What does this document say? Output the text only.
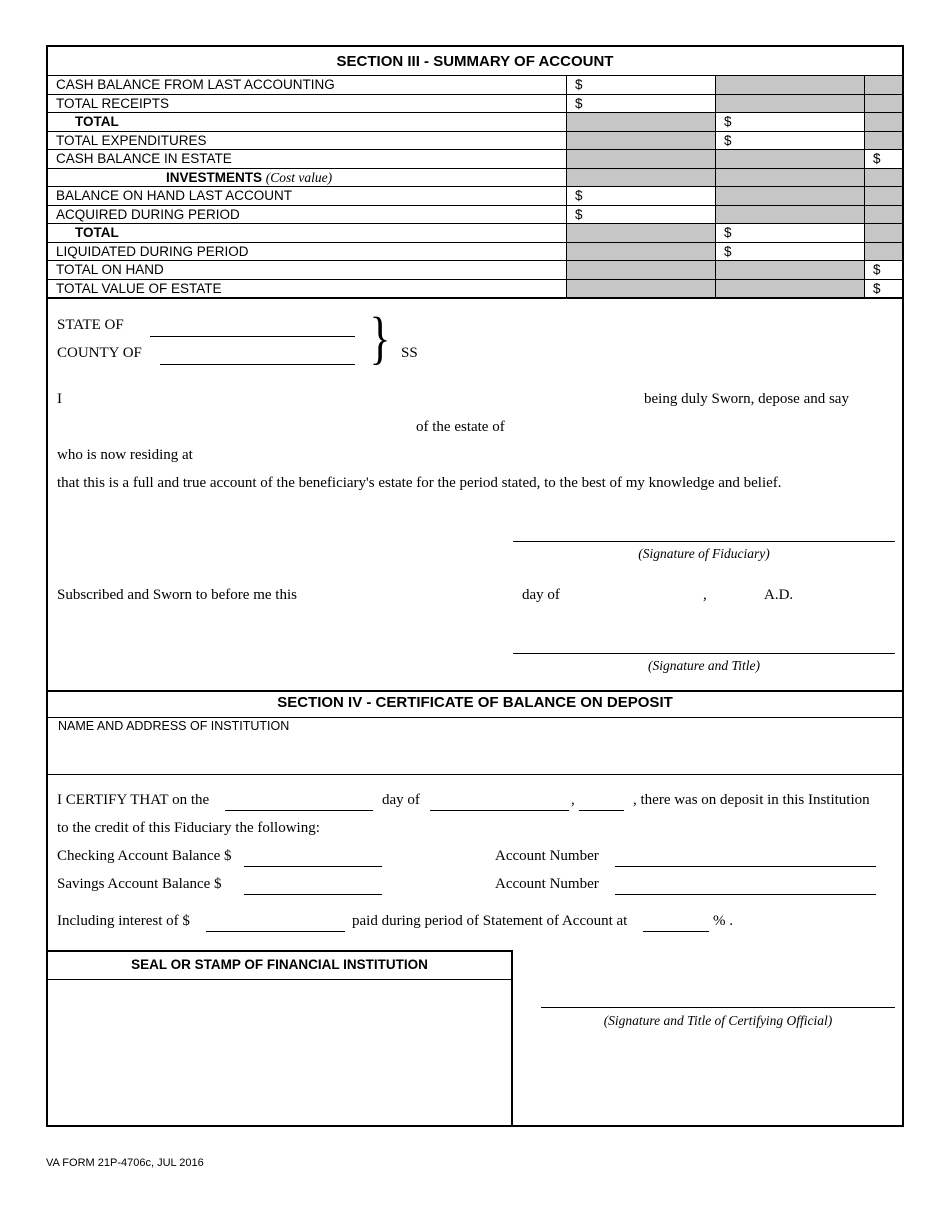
SECTION III - SUMMARY OF ACCOUNT			
CASH BALANCE FROM LAST ACCOUNTING	$		
TOTAL RECEIPTS	$		
TOTAL		$	
TOTAL EXPENDITURES		$	
CASH BALANCE IN ESTATE			$
INVESTMENTS (Cost value)			
BALANCE ON HAND LAST ACCOUNT	$		
ACQUIRED DURING PERIOD	$		
TOTAL		$	
LIQUIDATED DURING PERIOD		$	
TOTAL ON HAND			$
TOTAL VALUE OF ESTATE			$
STATE OF
COUNTY OF	} SS
I	being duly Sworn, depose and say
of the estate of
who is now residing at
that this is a full and true account of the beneficiary's estate for the period stated, to the best of my knowledge and belief.
(Signature of Fiduciary)
Subscribed and Sworn to before me this	day of	,	A.D.
(Signature and Title)
SECTION IV - CERTIFICATE OF BALANCE ON DEPOSIT
NAME AND ADDRESS OF INSTITUTION
I CERTIFY THAT on the	day of	,	, there was on deposit in this Institution
to the credit of this Fiduciary the following:
Checking Account Balance $	Account Number
Savings Account Balance $	Account Number
Including interest of $	paid during period of Statement of Account at	% .
SEAL OR STAMP OF FINANCIAL INSTITUTION
(Signature and Title of Certifying Official)
VA FORM 21P-4706c, JUL 2016
